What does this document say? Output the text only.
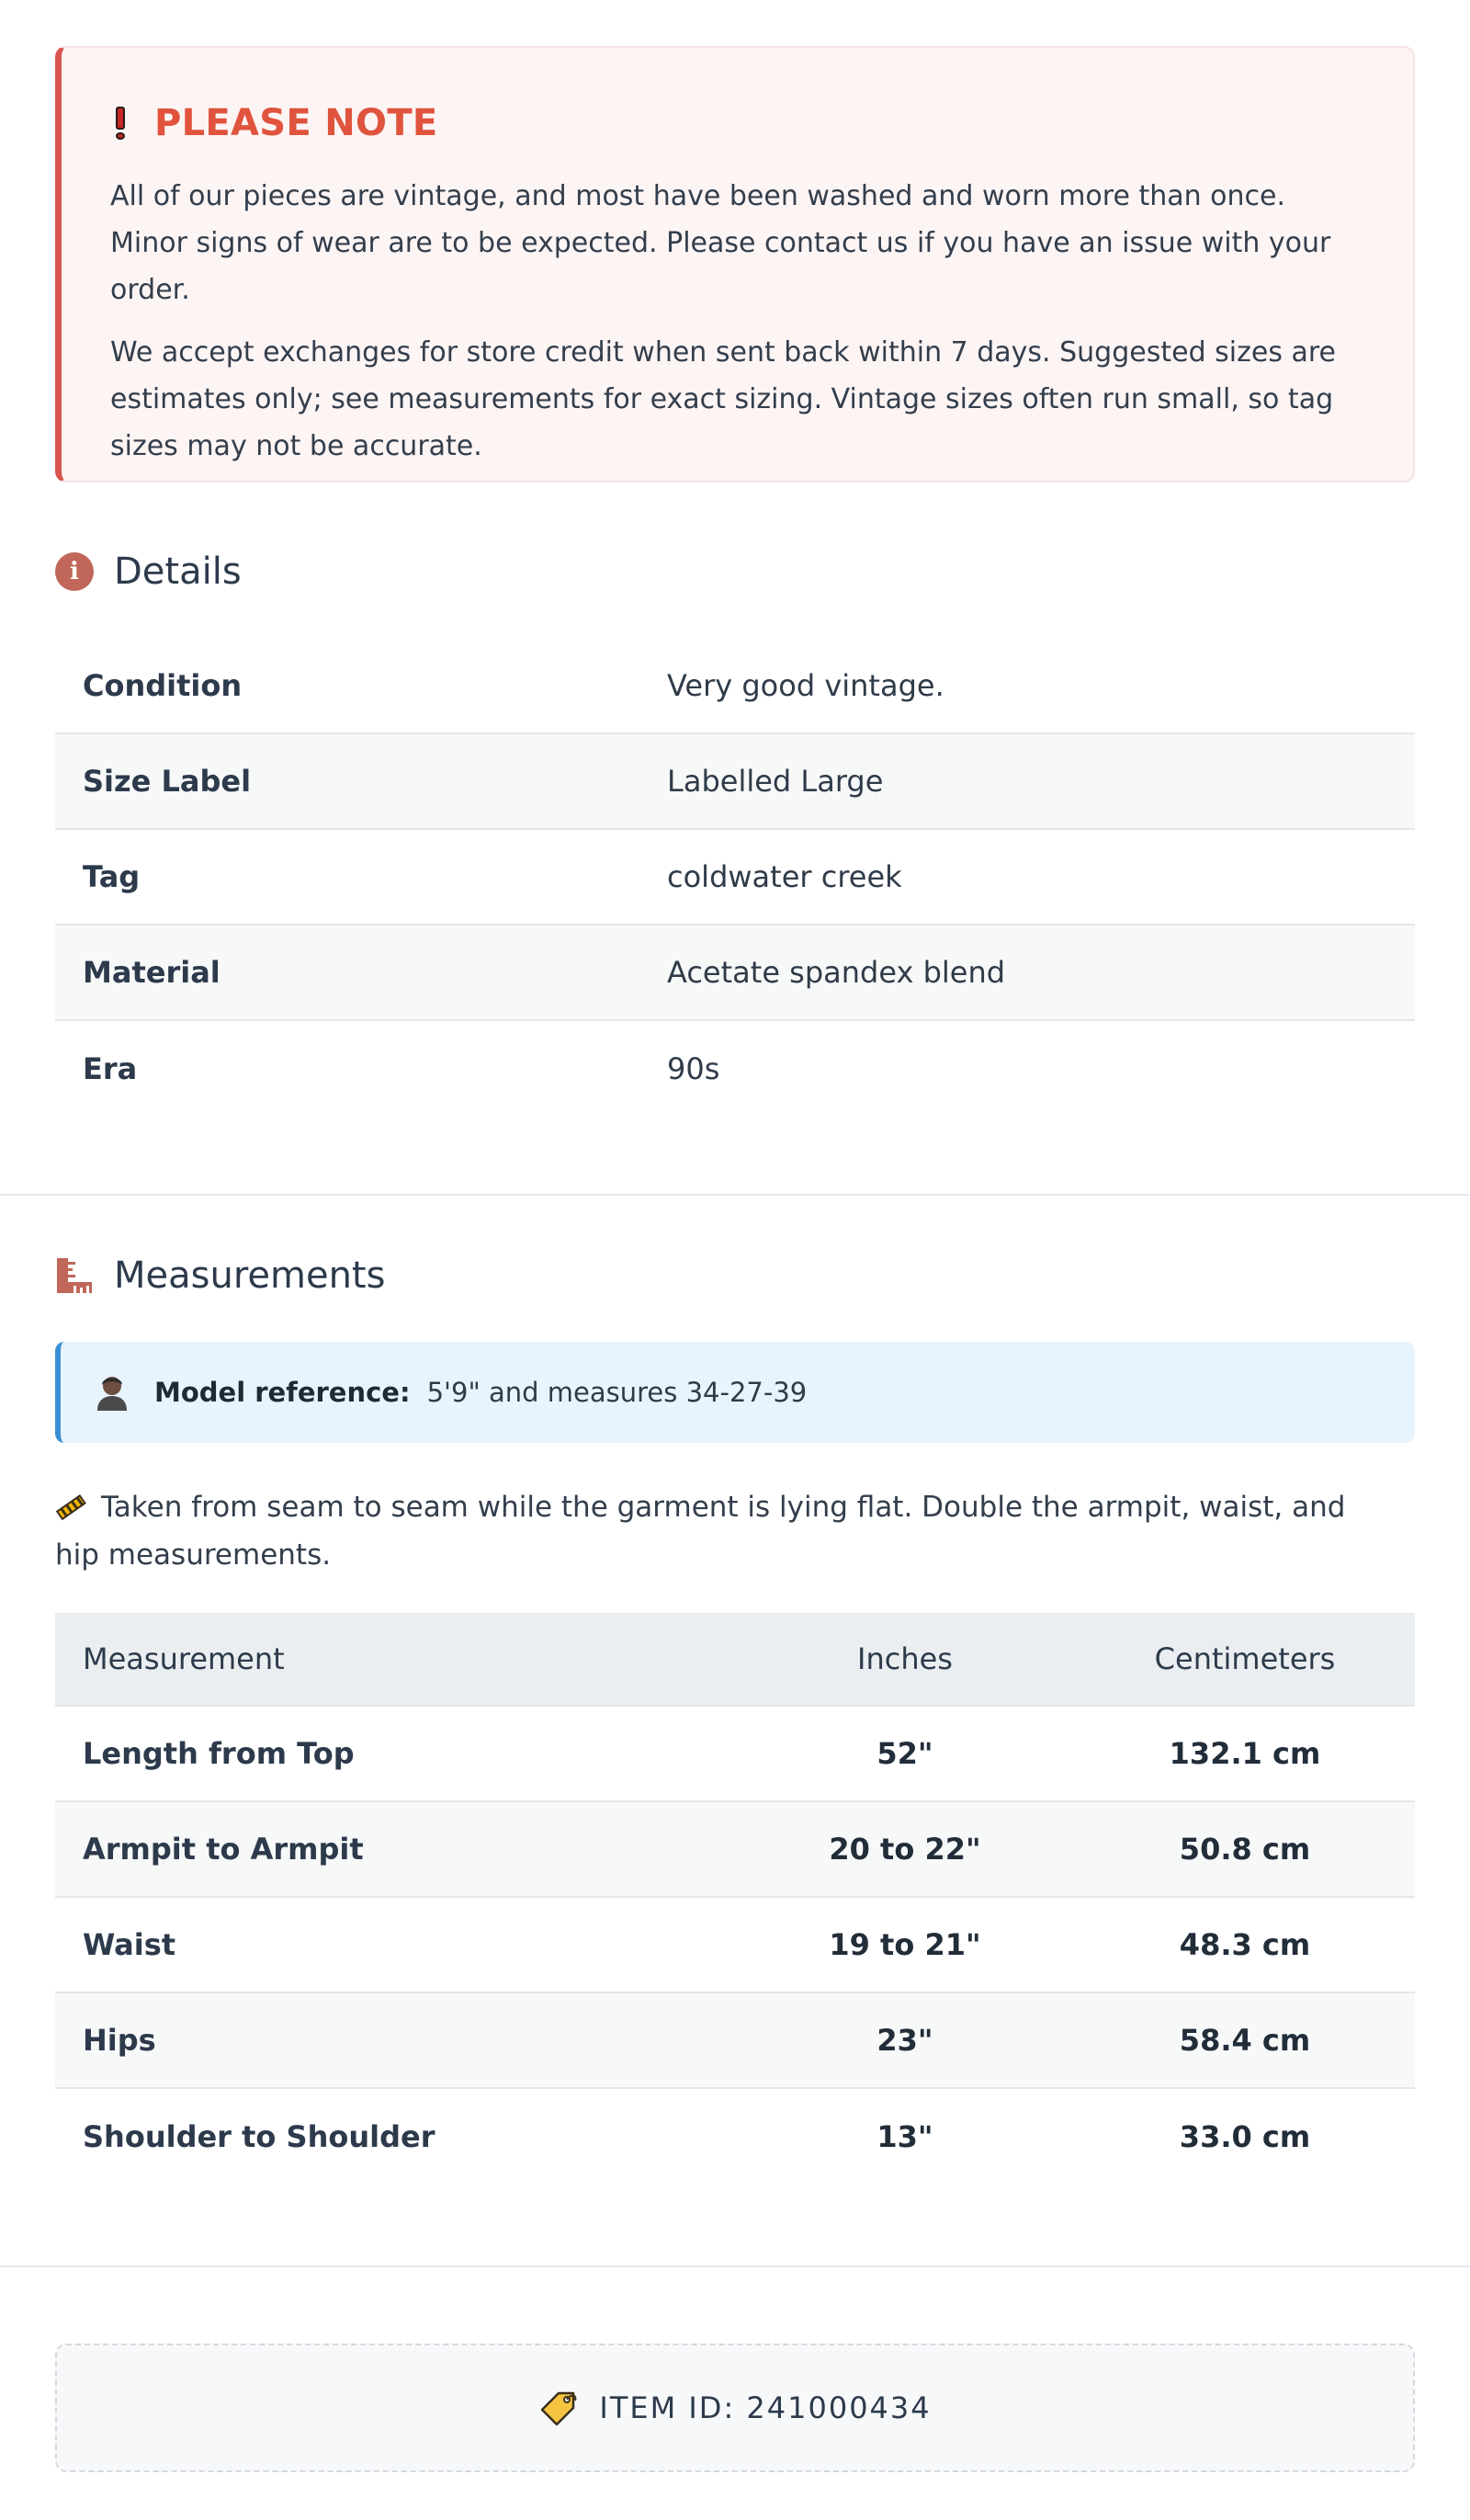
PLEASE NOTE

All of our pieces are vintage, and most have been washed and worn more than once. Minor signs of wear are to be expected. Please contact us if you have an issue with your order.

We accept exchanges for store credit when sent back within 7 days. Suggested sizes are estimates only; see measurements for exact sizing. Vintage sizes often run small, so tag sizes may not be accurate.

i Details
Condition	Very good vintage.
Size Label	Labelled Large
Tag	coldwater creek
Material	Acetate spandex blend
Era	90s
Measurements
Model reference: 5'9" and measures 34-27-39
Taken from seam to seam while the garment is lying flat. Double the armpit, waist, and hip measurements.
Measurement	Inches	Centimeters
Length from Top	52"	132.1 cm
Armpit to Armpit	20 to 22"	50.8 cm
Waist	19 to 21"	48.3 cm
Hips	23"	58.4 cm
Shoulder to Shoulder	13"	33.0 cm
ITEM ID: 241000434
